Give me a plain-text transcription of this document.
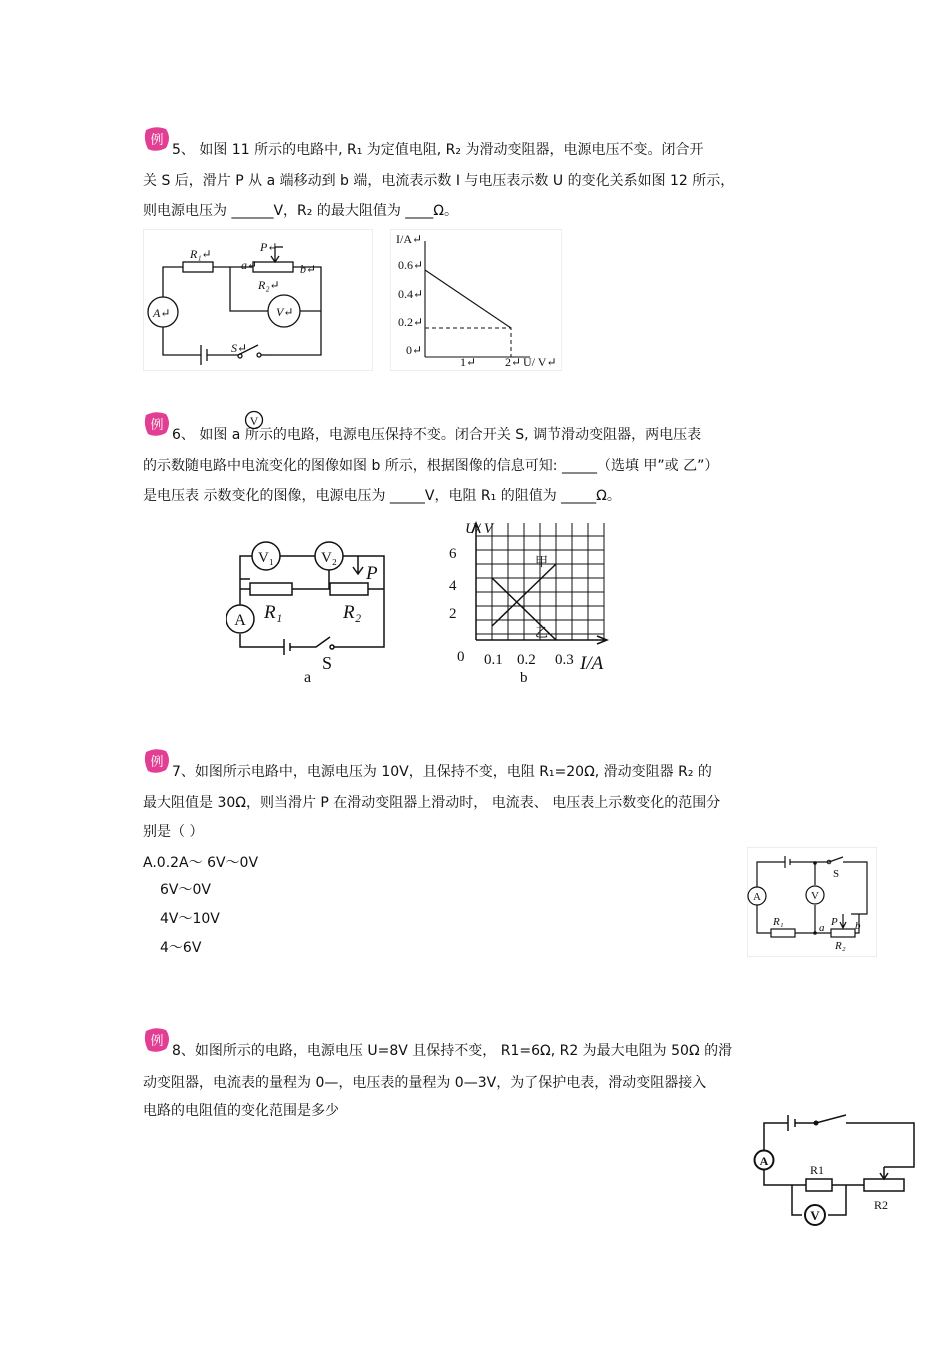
例
5、 如图 11 所示的电路中, R₁ 为定值电阻, R₂ 为滑动变阻器，电源电压不变。闭合开
关 S 后，滑片 P 从 a 端移动到 b 端，电流表示数 I 与电压表示数 U 的变化关系如图 12 所示，
则电源电压为 ______V，R₂ 的最大阻值为 ____Ω。
R₁↵
a↵
P↵
b↵
R₂↵
A↵	V↵
S↵
I/A↵
0.6↵
0.4↵
0.2↵
0↵
1↵ 2↵ U/ V↵
例	V
6、 如图 a 所示的电路，电源电压保持不变。闭合开关 S, 调节滑动变阻器，两电压表
的示数随电路中电流变化的图像如图 b 所示，根据图像的信息可知: _____（选填 甲”或 乙”）
是电压表 示数变化的图像，电源电压为 _____V，电阻 R₁ 的阻值为 _____Ω。
V₁	V₂
A
P
R₁	R₂
S
a
U/ V
6
4
2
0 0.1 0.2 0.3 I/A
甲
乙
b
例
7、如图所示电路中，电源电压为 10V，且保持不变，电阻 R₁=20Ω, 滑动变阻器 R₂ 的
最大阻值是 30Ω，则当滑片 P 在滑动变阻器上滑动时， 电流表、 电压表上示数变化的范围分
别是（ ）
A.0.2A～ 6V～0V
6V～0V
4V～10V
4～6V
A	V
S
R₁	P
a	b
R₂
例
8、如图所示的电路，电源电压 U=8V 且保持不变， R1=6Ω, R2 为最大电阻为 50Ω 的滑
动变阻器，电流表的量程为 0—，电压表的量程为 0—3V，为了保护电表，滑动变阻器接入
电路的电阻值的变化范围是多少
A
V
R1
R2
